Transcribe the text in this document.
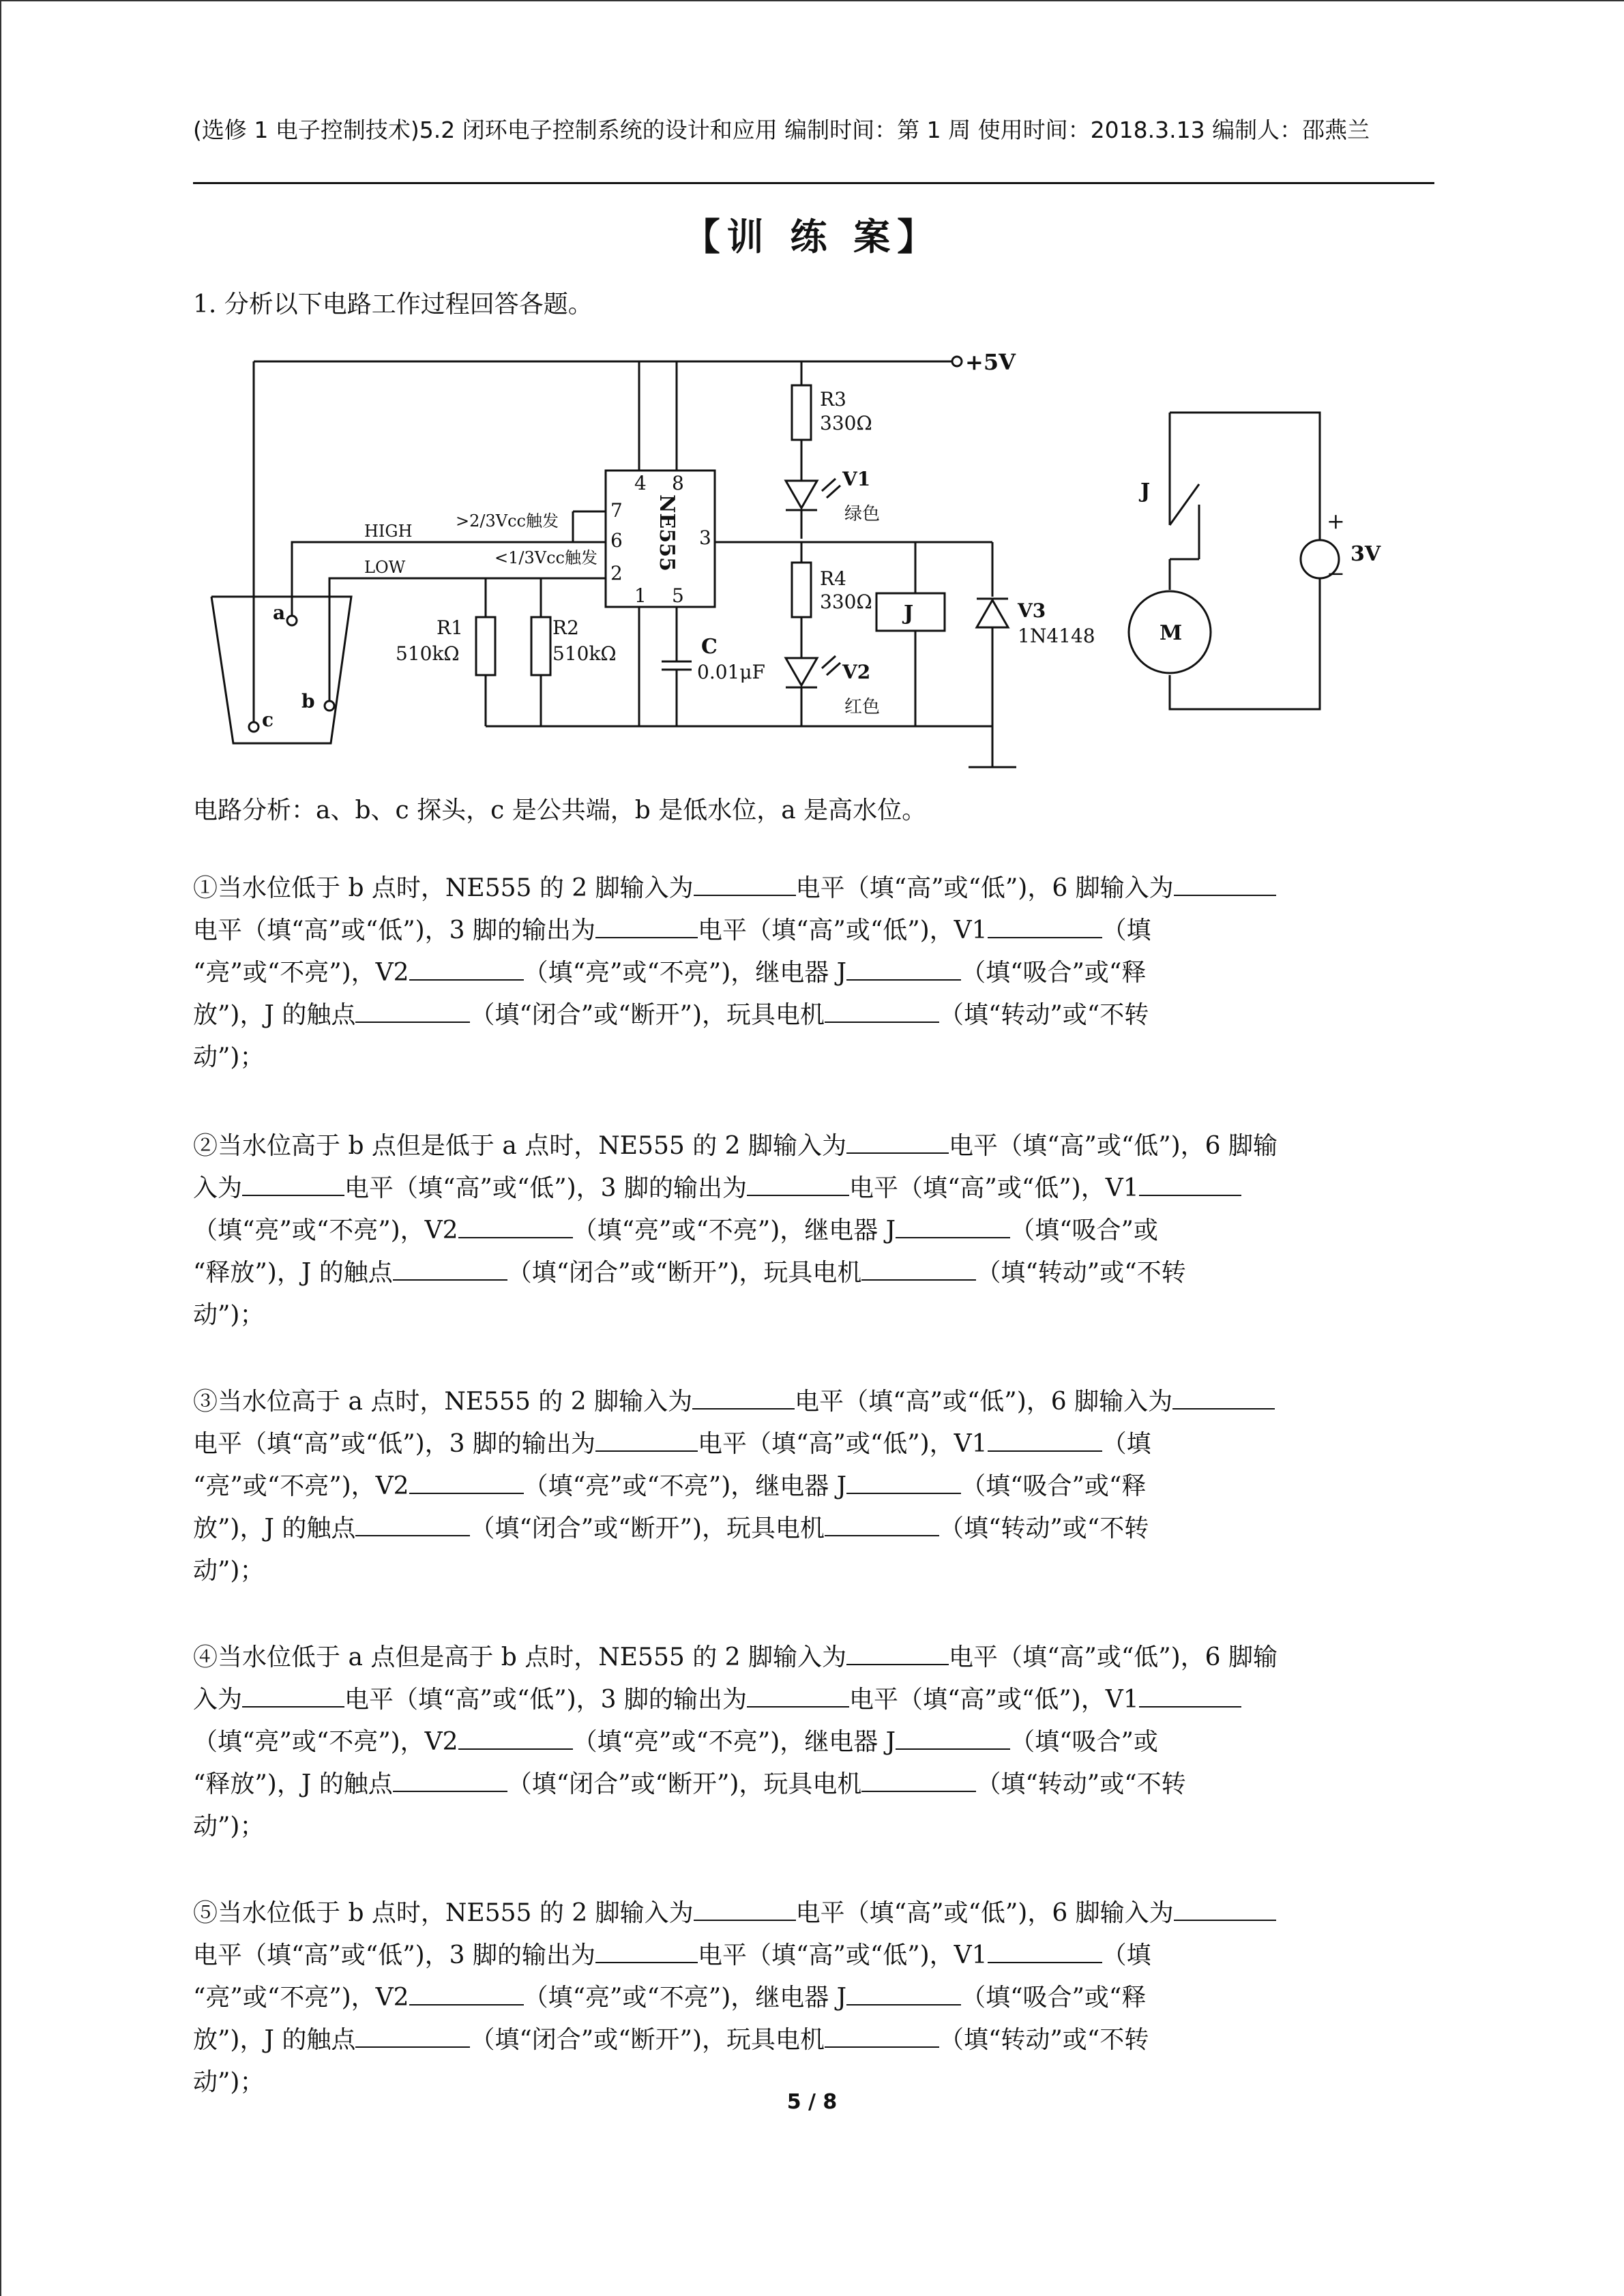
(选修 1 电子控制技术)5.2 闭环电子控制系统的设计和应用 编制时间：第 1 周 使用时间：2018.3.13 编制人：邵燕兰
【训 练 案】
1. 分析以下电路工作过程回答各题。
+5V
4 8
7
6
2
1 5
3
NE555
>2/3Vcc触发
HIGH
<1/3Vcc触发
LOW
R1
510kΩ
R2
510kΩ	C
0.01μF
R3
330Ω
V1
绿色
R4
330Ω
V2
红色
J	V3
1N4148
a
b
c
J
M
+
−
3V
电路分析：a、b、c 探头，c 是公共端，b 是低水位，a 是高水位。
①当水位低于 b 点时，NE555 的 2 脚输入为	电平（填“高”或“低”)，6 脚输入为
电平（填“高”或“低”)，3 脚的输出为	电平（填“高”或“低”)，V1	（填
“亮”或“不亮”)，V2	（填“亮”或“不亮”)，继电器 J	（填“吸合”或“释
放”)，J 的触点	（填“闭合”或“断开”)，玩具电机	（填“转动”或“不转
动”)；
②当水位高于 b 点但是低于 a 点时，NE555 的 2 脚输入为	电平（填“高”或“低”)，6 脚输
入为	电平（填“高”或“低”)，3 脚的输出为	电平（填“高”或“低”)，V1
（填“亮”或“不亮”)，V2	（填“亮”或“不亮”)，继电器 J	（填“吸合”或
“释放”)，J 的触点	（填“闭合”或“断开”)，玩具电机	（填“转动”或“不转
动”)；
③当水位高于 a 点时，NE555 的 2 脚输入为	电平（填“高”或“低”)，6 脚输入为
电平（填“高”或“低”)，3 脚的输出为	电平（填“高”或“低”)，V1	（填
“亮”或“不亮”)，V2	（填“亮”或“不亮”)，继电器 J	（填“吸合”或“释
放”)，J 的触点	（填“闭合”或“断开”)，玩具电机	（填“转动”或“不转
动”)；
④当水位低于 a 点但是高于 b 点时，NE555 的 2 脚输入为	电平（填“高”或“低”)，6 脚输
入为	电平（填“高”或“低”)，3 脚的输出为	电平（填“高”或“低”)，V1
（填“亮”或“不亮”)，V2	（填“亮”或“不亮”)，继电器 J	（填“吸合”或
“释放”)，J 的触点	（填“闭合”或“断开”)，玩具电机	（填“转动”或“不转
动”)；
⑤当水位低于 b 点时，NE555 的 2 脚输入为	电平（填“高”或“低”)，6 脚输入为
电平（填“高”或“低”)，3 脚的输出为	电平（填“高”或“低”)，V1	（填
“亮”或“不亮”)，V2	（填“亮”或“不亮”)，继电器 J	（填“吸合”或“释
放”)，J 的触点	（填“闭合”或“断开”)，玩具电机	（填“转动”或“不转
动”)；
5 / 8
